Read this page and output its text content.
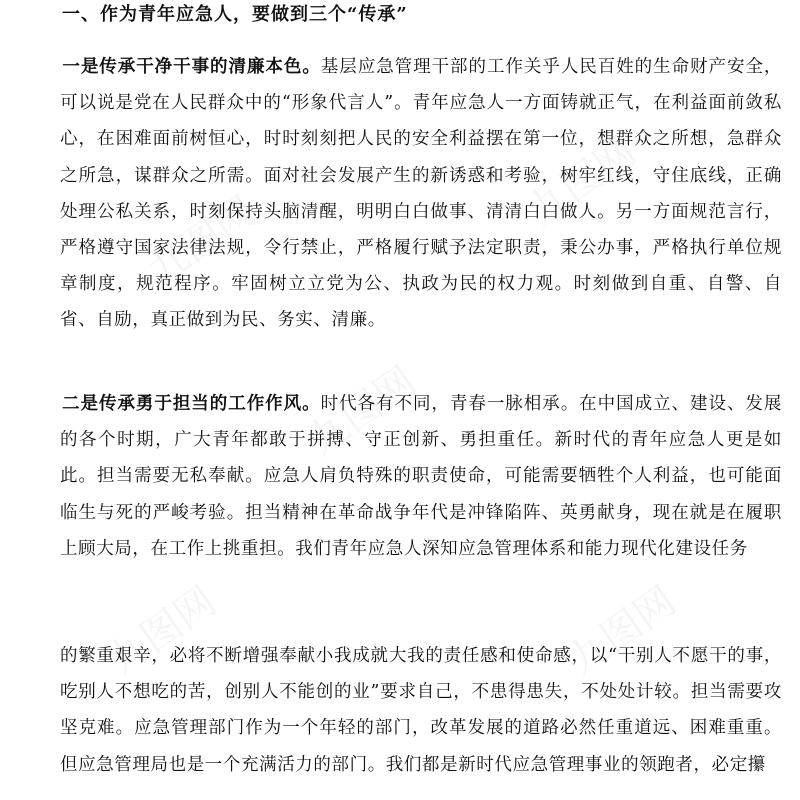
一、作为青年应急人，要做到三个“传承”
一是传承干净干事的清廉本色。基层应急管理干部的工作关乎人民百姓的生命财产安全，可以说是党在人民群众中的“形象代言人”。青年应急人一方面铸就正气，在利益面前敛私心，在困难面前树恒心，时时刻刻把人民的安全利益摆在第一位，想群众之所想，急群众之所急，谋群众之所需。面对社会发展产生的新诱惑和考验，树牢红线，守住底线，正确处理公私关系，时刻保持头脑清醒，明明白白做事、清清白白做人。另一方面规范言行，严格遵守国家法律法规，令行禁止，严格履行赋予法定职责，秉公办事，严格执行单位规章制度，规范程序。牢固树立立党为公、执政为民的权力观。时刻做到自重、自警、自省、自励，真正做到为民、务实、清廉。
二是传承勇于担当的工作作风。时代各有不同，青春一脉相承。在中国成立、建设、发展的各个时期，广大青年都敢于拼搏、守正创新、勇担重任。新时代的青年应急人更是如此。担当需要无私奉献。应急人肩负特殊的职责使命，可能需要牺牲个人利益，也可能面临生与死的严峻考验。担当精神在革命战争年代是冲锋陷阵、英勇献身，现在就是在履职上顾大局，在工作上挑重担。我们青年应急人深知应急管理体系和能力现代化建设任务
的繁重艰辛，必将不断增强奉献小我成就大我的责任感和使命感，以“干别人不愿干的事，吃别人不想吃的苦，创别人不能创的业”要求自己，不患得患失，不处处计较。担当需要攻坚克难。应急管理部门作为一个年轻的部门，改革发展的道路必然任重道远、困难重重。但应急管理局也是一个充满活力的部门。我们都是新时代应急管理事业的领跑者，必定攥
